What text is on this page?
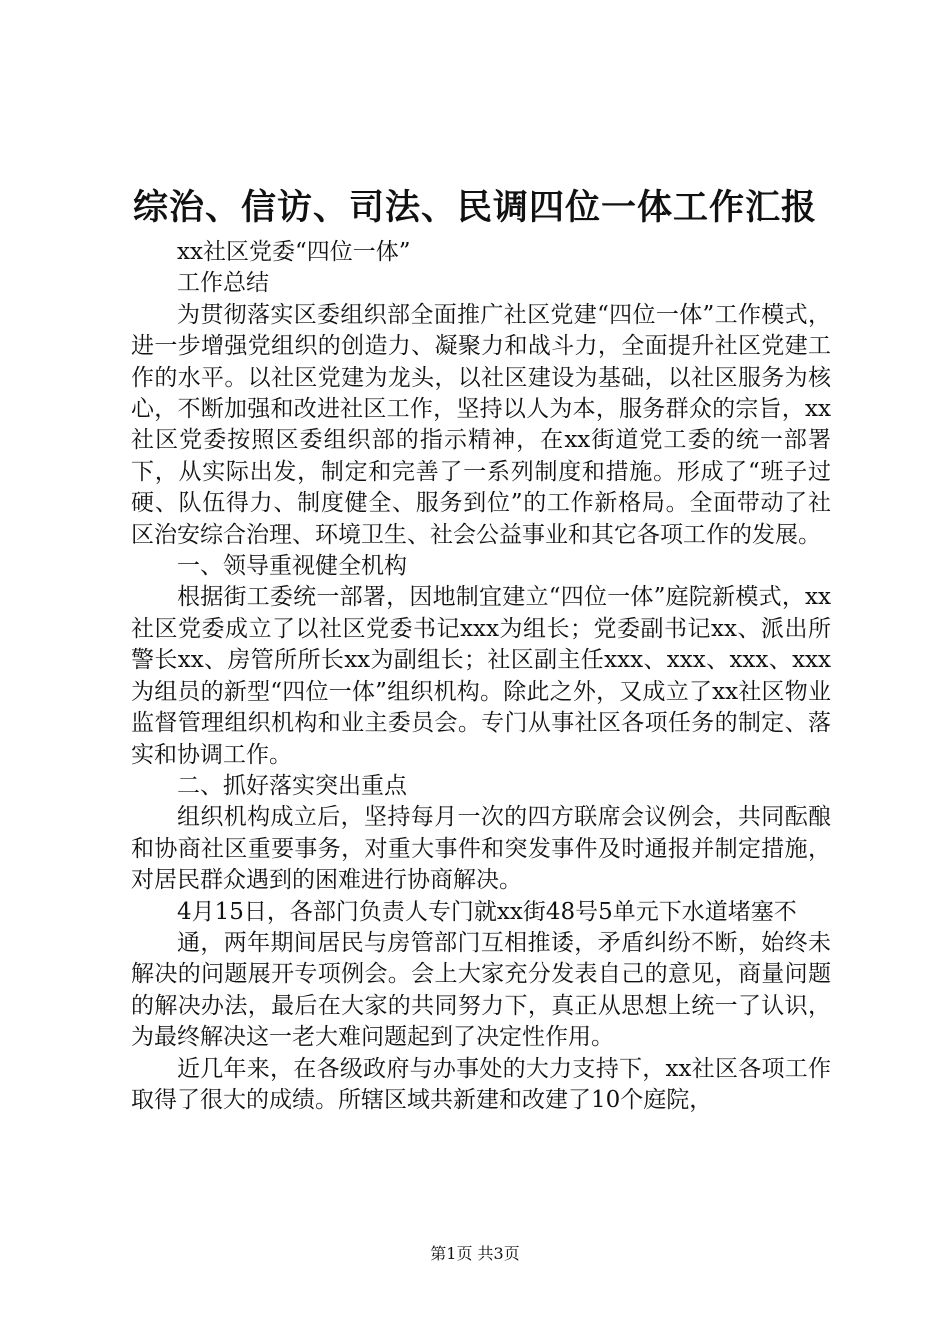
综治、信访、司法、民调四位一体工作汇报

xx社区党委“四位一体”

工作总结

为贯彻落实区委组织部全面推广社区党建“四位一体”工作模式，进一步增强党组织的创造力、凝聚力和战斗力，全面提升社区党建工作的水平。以社区党建为龙头，以社区建设为基础，以社区服务为核心，不断加强和改进社区工作，坚持以人为本，服务群众的宗旨，xx社区党委按照区委组织部的指示精神，在xx街道党工委的统一部署下，从实际出发，制定和完善了一系列制度和措施。形成了“班子过硬、队伍得力、制度健全、服务到位”的工作新格局。全面带动了社区治安综合治理、环境卫生、社会公益事业和其它各项工作的发展。

一、领导重视健全机构

根据街工委统一部署，因地制宜建立“四位一体”庭院新模式，xx社区党委成立了以社区党委书记xxx为组长；党委副书记xx、派出所警长xx、房管所所长xx为副组长；社区副主任xxx、xxx、xxx、xxx为组员的新型“四位一体”组织机构。除此之外，又成立了xx社区物业监督管理组织机构和业主委员会。专门从事社区各项任务的制定、落实和协调工作。

二、抓好落实突出重点

组织机构成立后，坚持每月一次的四方联席会议例会，共同酝酿和协商社区重要事务，对重大事件和突发事件及时通报并制定措施，对居民群众遇到的困难进行协商解决。

4月15日，各部门负责人专门就xx街48号5单元下水道堵塞不

通，两年期间居民与房管部门互相推诿，矛盾纠纷不断，始终未解决的问题展开专项例会。会上大家充分发表自己的意见，商量问题的解决办法，最后在大家的共同努力下，真正从思想上统一了认识，为最终解决这一老大难问题起到了决定性作用。

近几年来，在各级政府与办事处的大力支持下，xx社区各项工作取得了很大的成绩。所辖区域共新建和改建了10个庭院，

第1页 共3页
